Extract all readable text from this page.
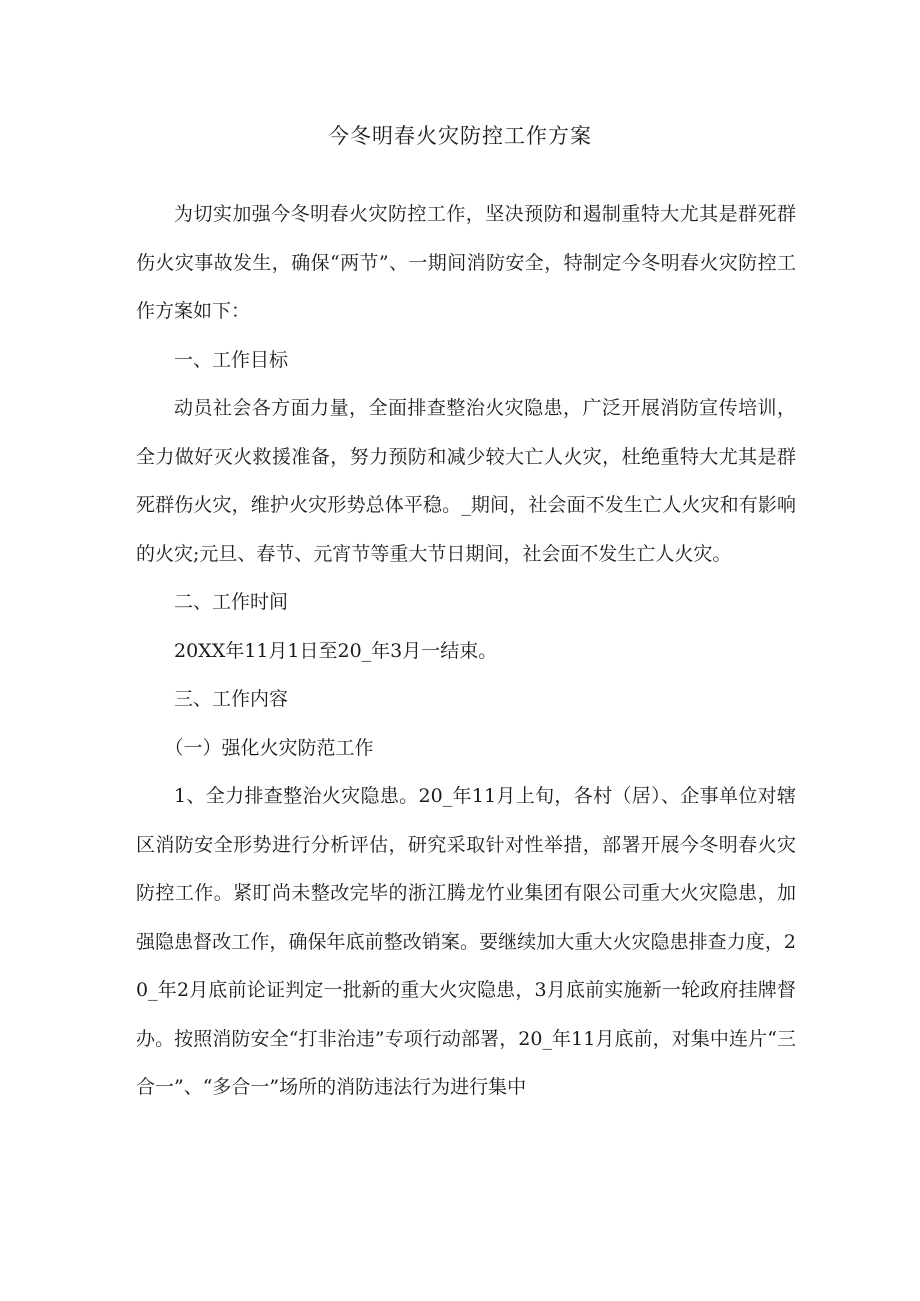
今冬明春火灾防控工作方案

为切实加强今冬明春火灾防控工作，坚决预防和遏制重特大尤其是群死群伤火灾事故发生，确保“两节”、一期间消防安全，特制定今冬明春火灾防控工作方案如下：

一、工作目标

动员社会各方面力量，全面排查整治火灾隐患，广泛开展消防宣传培训，全力做好灭火救援准备，努力预防和减少较大亡人火灾，杜绝重特大尤其是群死群伤火灾，维护火灾形势总体平稳。_期间，社会面不发生亡人火灾和有影响的火灾;元旦、春节、元宵节等重大节日期间，社会面不发生亡人火灾。

二、工作时间

20XX年11月1日至20_年3月一结束。

三、工作内容

（一）强化火灾防范工作

1、全力排查整治火灾隐患。20_年11月上旬，各村（居）、企事单位对辖区消防安全形势进行分析评估，研究采取针对性举措，部署开展今冬明春火灾防控工作。紧盯尚未整改完毕的浙江腾龙竹业集团有限公司重大火灾隐患，加强隐患督改工作，确保年底前整改销案。要继续加大重大火灾隐患排查力度，20_年2月底前论证判定一批新的重大火灾隐患，3月底前实施新一轮政府挂牌督办。按照消防安全“打非治违”专项行动部署，20_年11月底前，对集中连片“三合一”、“多合一”场所的消防违法行为进行集中
